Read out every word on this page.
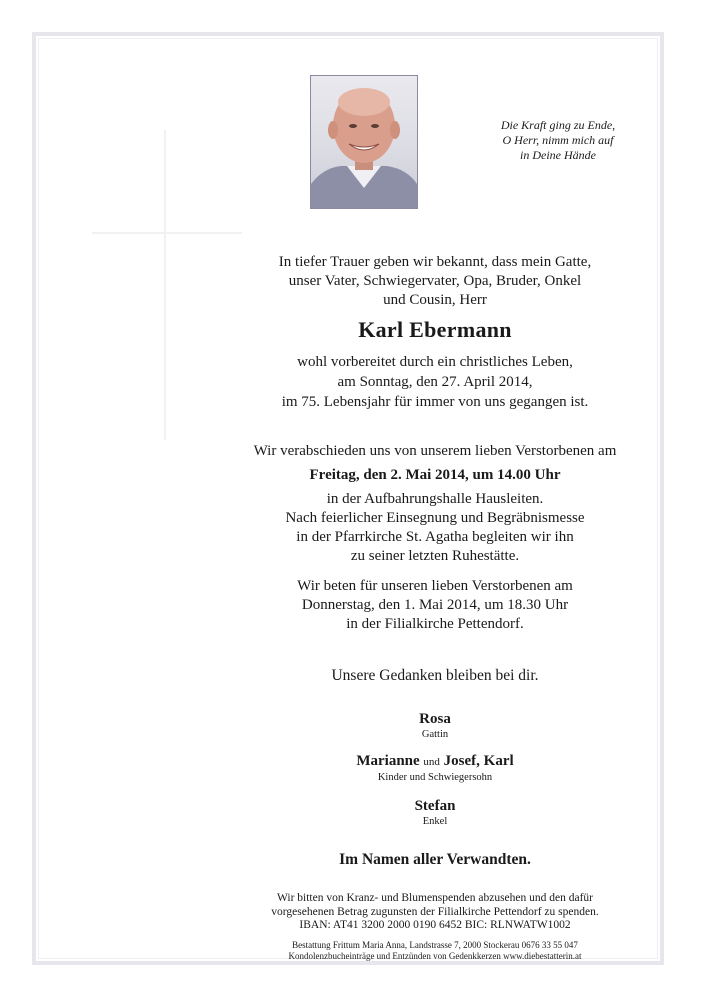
Die Kraft ging zu Ende,
O Herr, nimm mich auf
in Deine Hände
In tiefer Trauer geben wir bekannt, dass mein Gatte,
unser Vater, Schwiegervater, Opa, Bruder, Onkel
und Cousin, Herr
Karl Ebermann
wohl vorbereitet durch ein christliches Leben,
am Sonntag, den 27. April 2014,
im 75. Lebensjahr für immer von uns gegangen ist.
Wir verabschieden uns von unserem lieben Verstorbenen am
Freitag, den 2. Mai 2014, um 14.00 Uhr
in der Aufbahrungshalle Hausleiten.
Nach feierlicher Einsegnung und Begräbnismesse
in der Pfarrkirche St. Agatha begleiten wir ihn
zu seiner letzten Ruhestätte.
Wir beten für unseren lieben Verstorbenen am
Donnerstag, den 1. Mai 2014, um 18.30 Uhr
in der Filialkirche Pettendorf.
Unsere Gedanken bleiben bei dir.
Rosa
Gattin
Marianne und Josef, Karl
Kinder und Schwiegersohn
Stefan
Enkel
Im Namen aller Verwandten.
Wir bitten von Kranz- und Blumenspenden abzusehen und den dafür
vorgesehenen Betrag zugunsten der Filialkirche Pettendorf zu spenden.
IBAN: AT41 3200 2000 0190 6452 BIC: RLNWATW1002
Bestattung Frittum Maria Anna, Landstrasse 7, 2000 Stockerau 0676 33 55 047
Kondolenzbucheinträge und Entzünden von Gedenkkerzen www.diebestatterin.at
